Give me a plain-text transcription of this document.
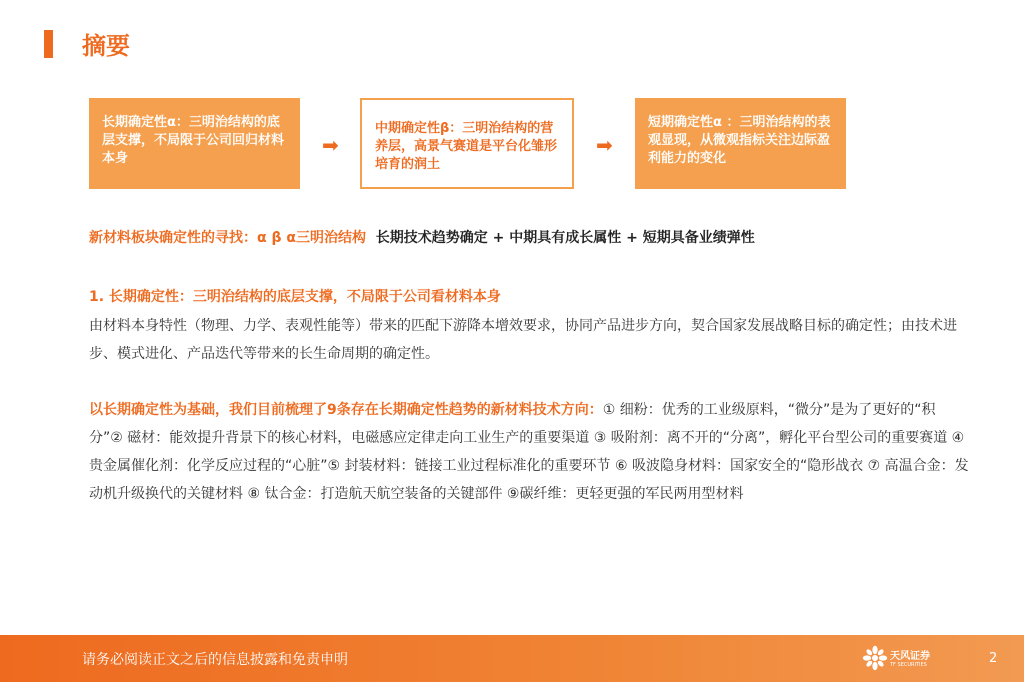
摘要
长期确定性α：三明治结构的底层支撑，不局限于公司回归材料本身
➡
中期确定性β：三明治结构的营养层，高景气赛道是平台化雏形培育的润土
➡
短期确定性α ：三明治结构的表观显现，从微观指标关注边际盈利能力的变化
新材料板块确定性的寻找：α β α三明治结构 长期技术趋势确定 + 中期具有成长属性 + 短期具备业绩弹性
1. 长期确定性：三明治结构的底层支撑，不局限于公司看材料本身
由材料本身特性（物理、力学、表观性能等）带来的匹配下游降本增效要求，协同产品进步方向，契合国家发展战略目标的确定性；由技术进步、模式进化、产品迭代等带来的长生命周期的确定性。
以长期确定性为基础，我们目前梳理了9条存在长期确定性趋势的新材料技术方向：① 细粉：优秀的工业级原料，“微分”是为了更好的“积分”② 磁材：能效提升背景下的核心材料，电磁感应定律走向工业生产的重要渠道 ③ 吸附剂：离不开的“分离”，孵化平台型公司的重要赛道 ④ 贵金属催化剂：化学反应过程的“心脏”⑤ 封装材料：链接工业过程标准化的重要环节 ⑥ 吸波隐身材料：国家安全的“隐形战衣 ⑦ 高温合金：发动机升级换代的关键材料 ⑧ 钛合金：打造航天航空装备的关键部件 ⑨碳纤维：更轻更强的军民两用型材料
请务必阅读正文之后的信息披露和免责申明	天风证券
TF SECURITIES	2
